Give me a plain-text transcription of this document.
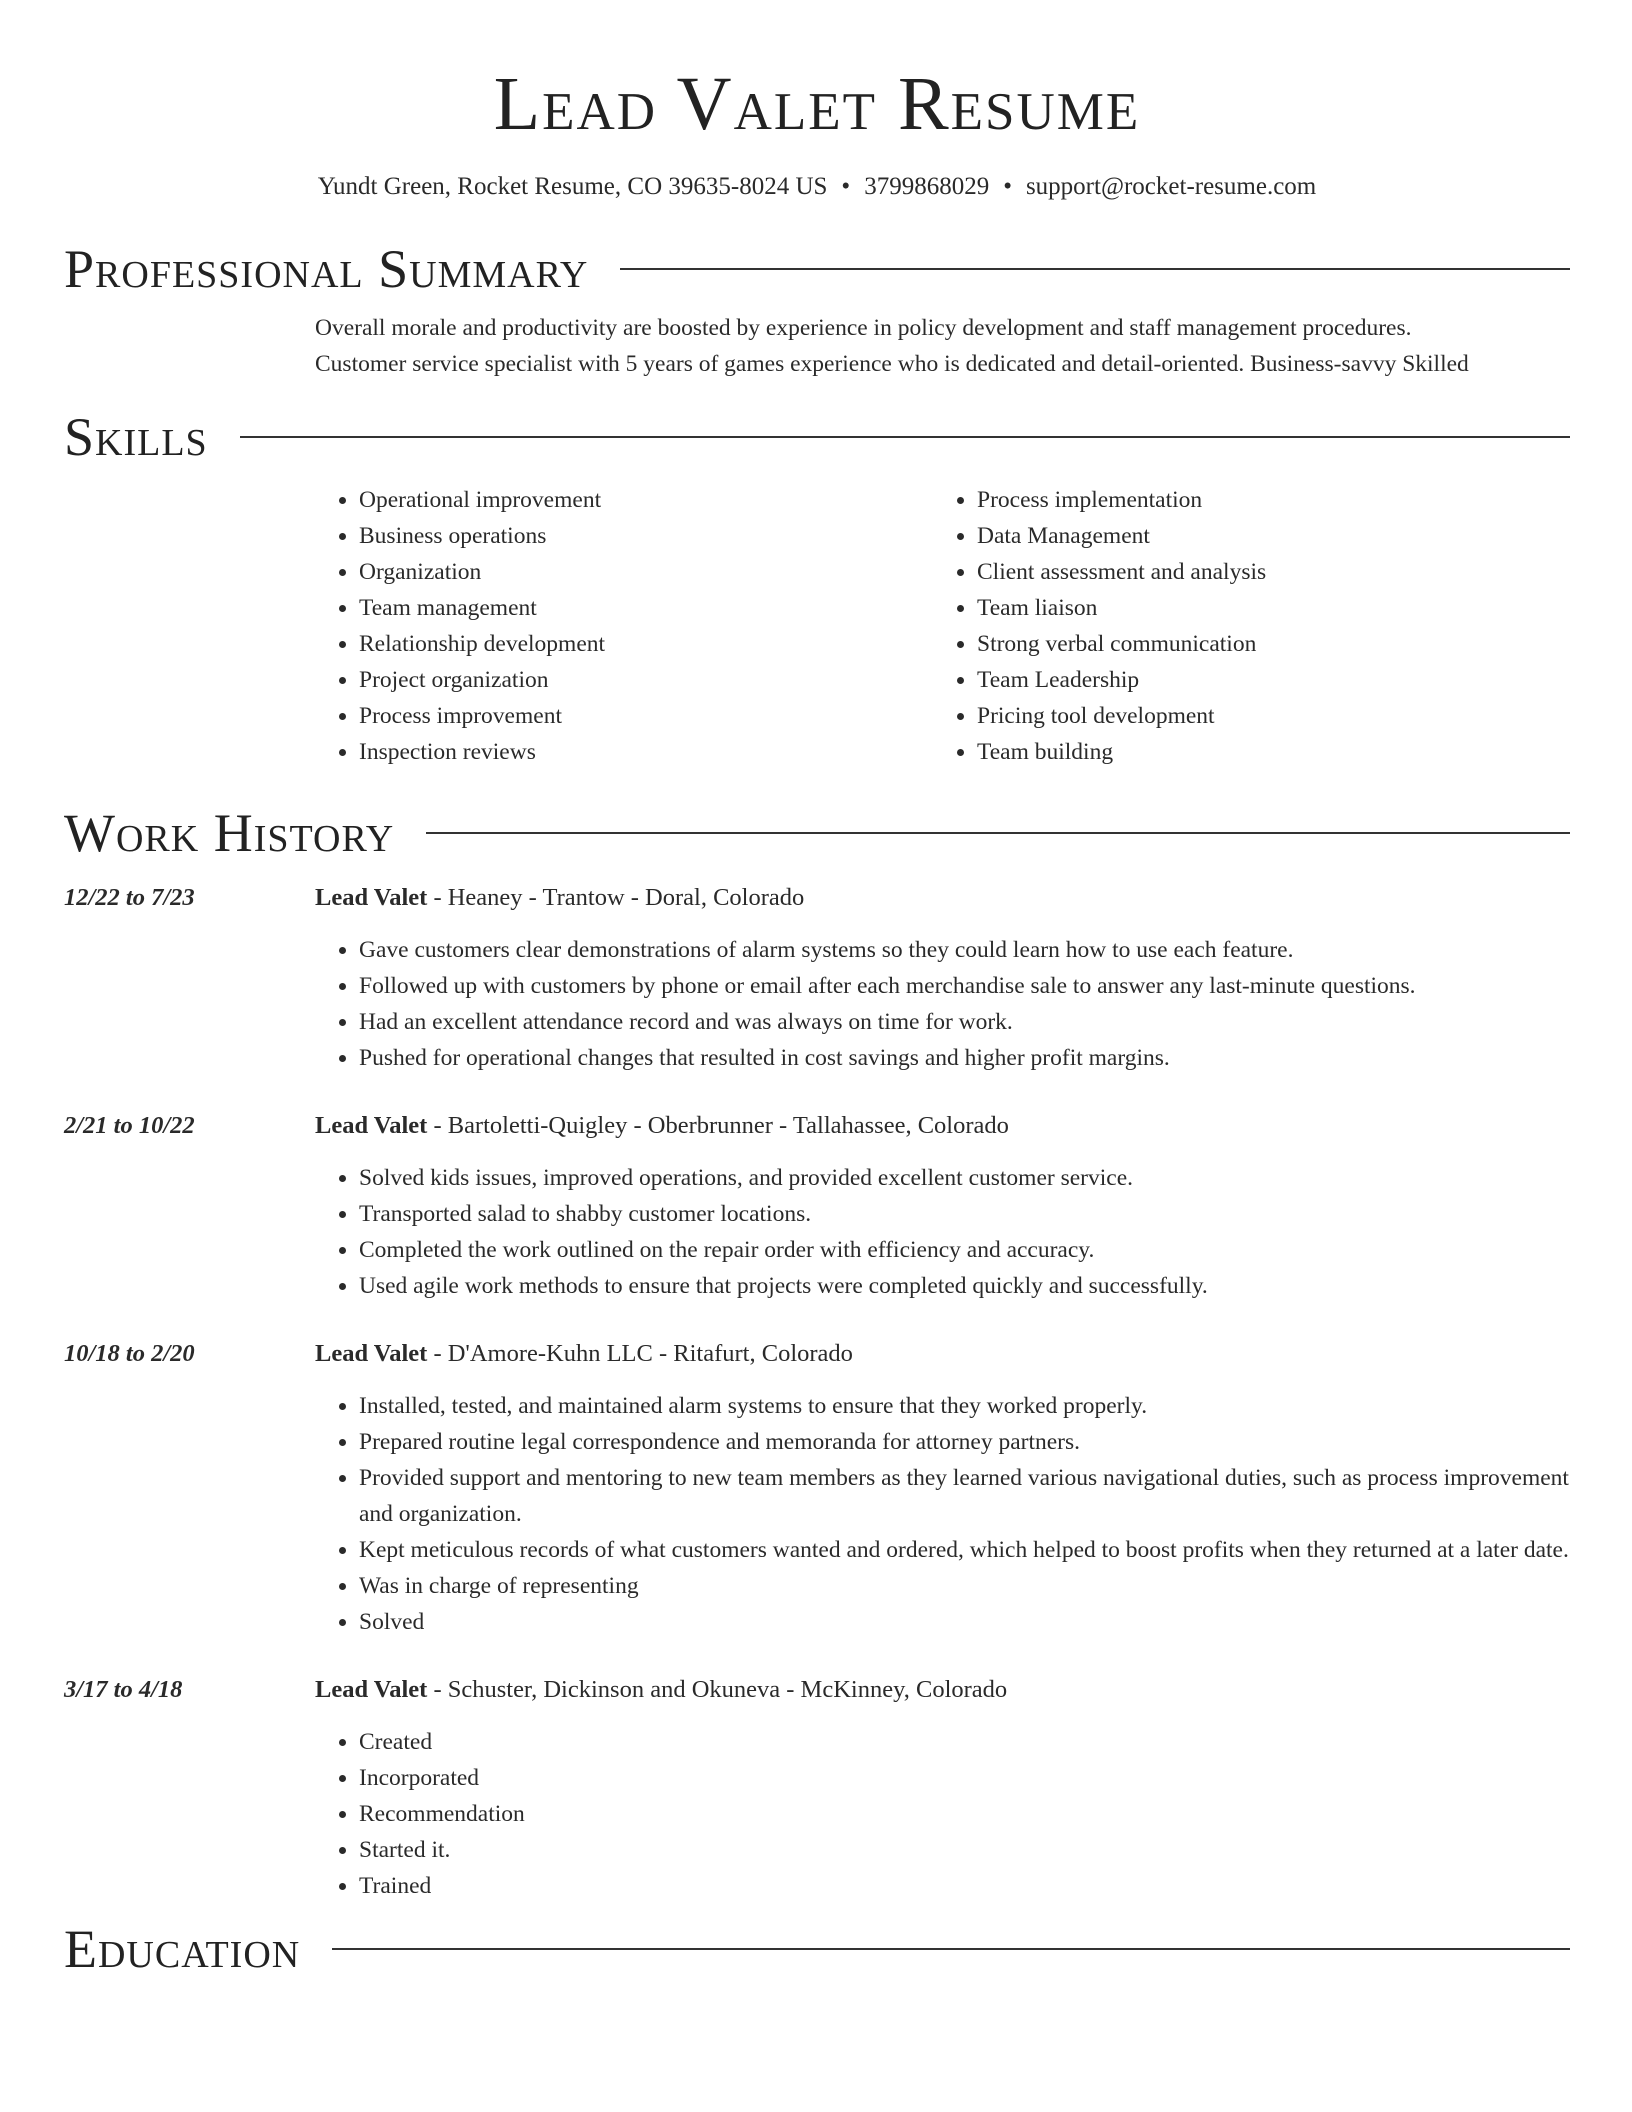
Lead Valet Resume
Yundt Green, Rocket Resume, CO 39635-8024 US • 3799868029 • support@rocket-resume.com
Professional Summary
Overall morale and productivity are boosted by experience in policy development and staff management procedures.
Customer service specialist with 5 years of games experience who is dedicated and detail-oriented. Business-savvy Skilled
Skills
• Operational improvement
• Business operations
• Organization
• Team management
• Relationship development
• Project organization
• Process improvement
• Inspection reviews
• Process implementation
• Data Management
• Client assessment and analysis
• Team liaison
• Strong verbal communication
• Team Leadership
• Pricing tool development
• Team building
Work History
12/22 to 7/23	Lead Valet - Heaney - Trantow - Doral, Colorado
• Gave customers clear demonstrations of alarm systems so they could learn how to use each feature.
• Followed up with customers by phone or email after each merchandise sale to answer any last-minute questions.
• Had an excellent attendance record and was always on time for work.
• Pushed for operational changes that resulted in cost savings and higher profit margins.
2/21 to 10/22	Lead Valet - Bartoletti-Quigley - Oberbrunner - Tallahassee, Colorado
• Solved kids issues, improved operations, and provided excellent customer service.
• Transported salad to shabby customer locations.
• Completed the work outlined on the repair order with efficiency and accuracy.
• Used agile work methods to ensure that projects were completed quickly and successfully.
10/18 to 2/20	Lead Valet - D'Amore-Kuhn LLC - Ritafurt, Colorado
• Installed, tested, and maintained alarm systems to ensure that they worked properly.
• Prepared routine legal correspondence and memoranda for attorney partners.
• Provided support and mentoring to new team members as they learned various navigational duties, such as process improvement and organization.
• Kept meticulous records of what customers wanted and ordered, which helped to boost profits when they returned at a later date.
• Was in charge of representing
• Solved
3/17 to 4/18	Lead Valet - Schuster, Dickinson and Okuneva - McKinney, Colorado
• Created
• Incorporated
• Recommendation
• Started it.
• Trained
Education
